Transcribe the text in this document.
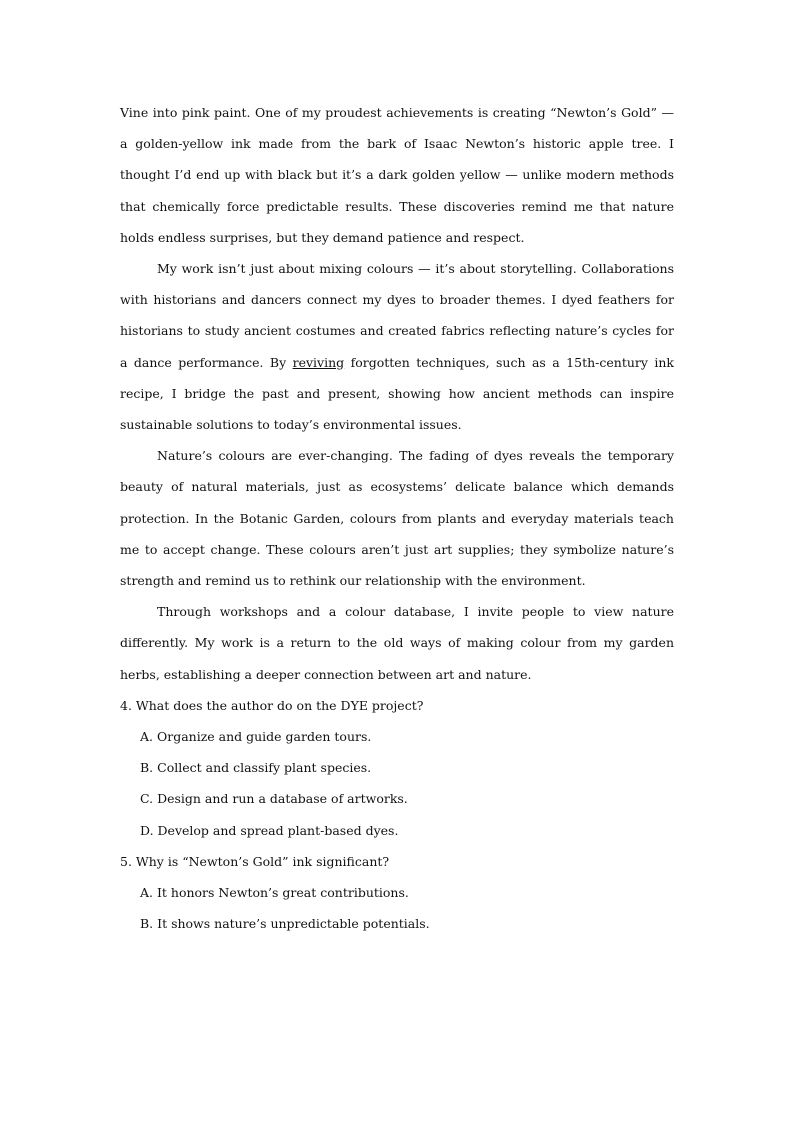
Vine into pink paint. One of my proudest achievements is creating “Newton’s Gold” — a golden-yellow ink made from the bark of Isaac Newton’s historic apple tree. I thought I’d end up with black but it’s a dark golden yellow — unlike modern methods that chemically force predictable results. These discoveries remind me that nature holds endless surprises, but they demand patience and respect.

My work isn’t just about mixing colours — it’s about storytelling. Collaborations with historians and dancers connect my dyes to broader themes. I dyed feathers for historians to study ancient costumes and created fabrics reflecting nature’s cycles for a dance performance. By reviving forgotten techniques, such as a 15th-century ink recipe, I bridge the past and present, showing how ancient methods can inspire sustainable solutions to today’s environmental issues.

Nature’s colours are ever-changing. The fading of dyes reveals the temporary beauty of natural materials, just as ecosystems’ delicate balance which demands protection. In the Botanic Garden, colours from plants and everyday materials teach me to accept change. These colours aren’t just art supplies; they symbolize nature’s strength and remind us to rethink our relationship with the environment.

Through workshops and a colour database, I invite people to view nature differently. My work is a return to the old ways of making colour from my garden herbs, establishing a deeper connection between art and nature.

4. What does the author do on the DYE project?

A. Organize and guide garden tours.

B. Collect and classify plant species.

C. Design and run a database of artworks.

D. Develop and spread plant-based dyes.

5. Why is “Newton’s Gold” ink significant?

A. It honors Newton’s great contributions.

B. It shows nature’s unpredictable potentials.
